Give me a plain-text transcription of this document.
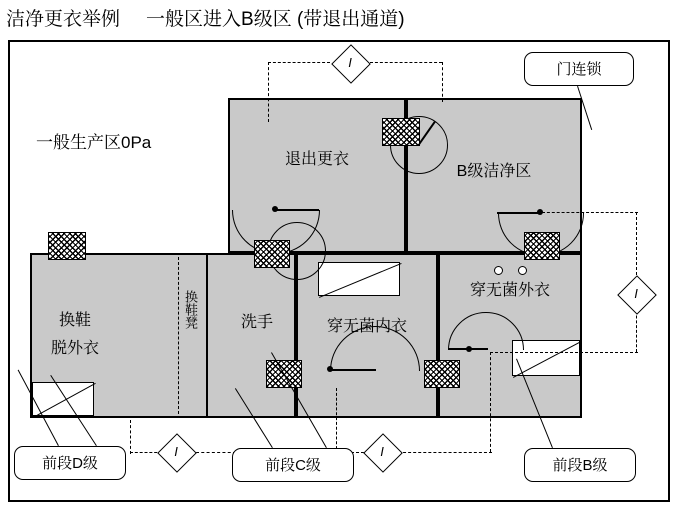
洁净更衣举例 一般区进入B级区 (带退出通道)
退出更衣
B级洁净区
换鞋
脱外衣
洗手
换鞋凳	穿无菌内衣
穿无菌外衣
一般生产区0Pa
I
I
I	I
门连锁
前段D级	前段C级	前段B级
